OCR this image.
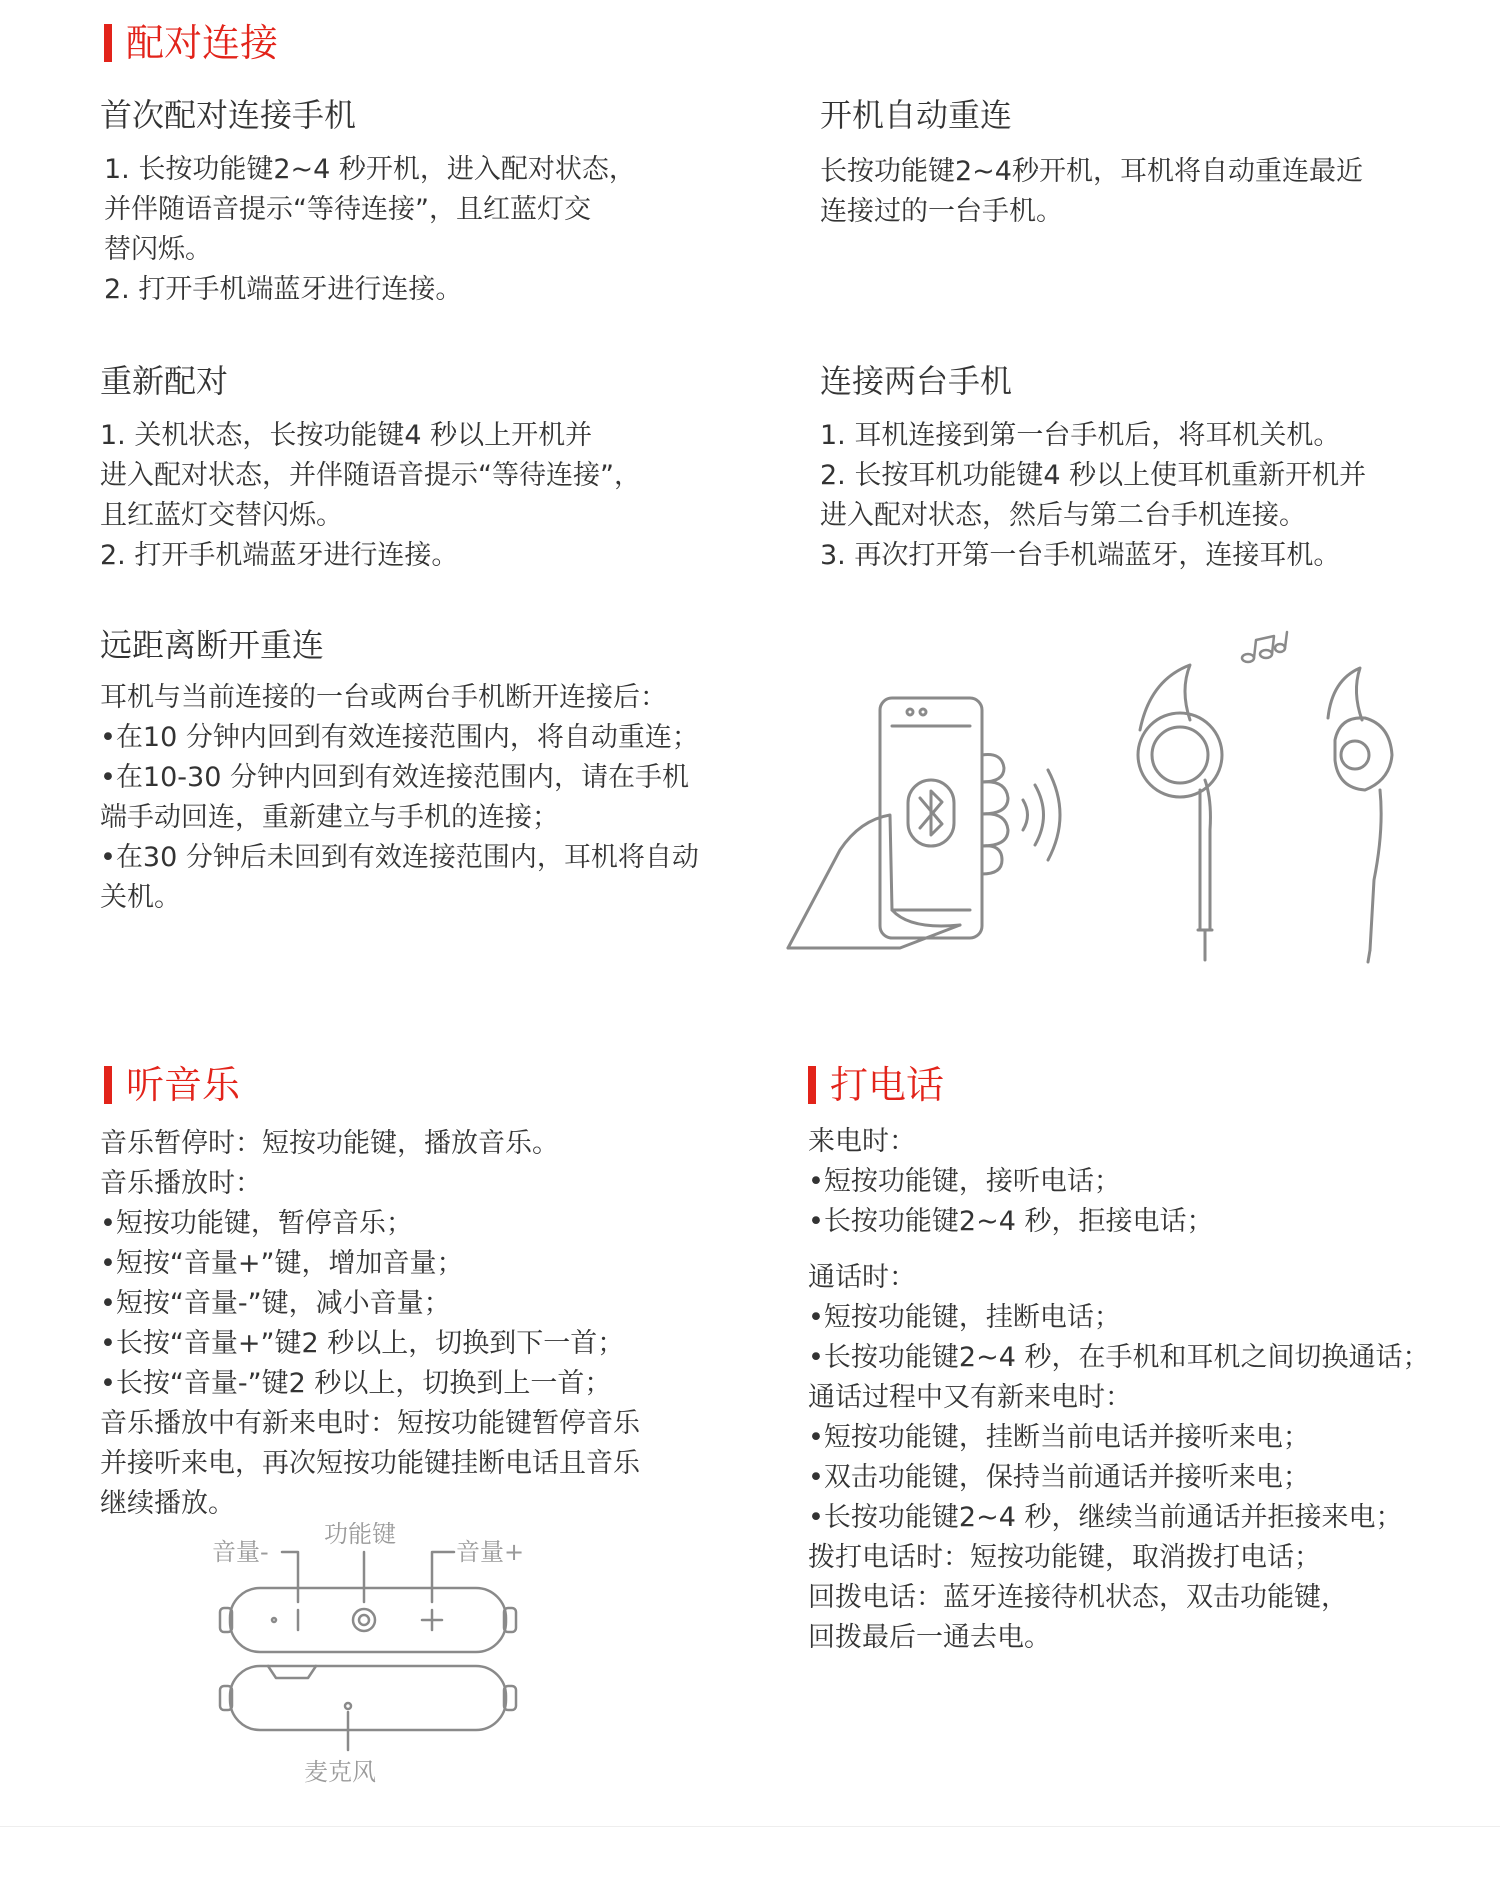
配对连接
首次配对连接手机

1. 长按功能键2~4 秒开机，进入配对状态，

并伴随语音提示“等待连接”，且红蓝灯交

替闪烁。

2. 打开手机端蓝牙进行连接。

开机自动重连

长按功能键2~4秒开机，耳机将自动重连最近

连接过的一台手机。

重新配对

1. 关机状态，长按功能键4 秒以上开机并

进入配对状态，并伴随语音提示“等待连接”，

且红蓝灯交替闪烁。

2. 打开手机端蓝牙进行连接。

连接两台手机

1. 耳机连接到第一台手机后，将耳机关机。

2. 长按耳机功能键4 秒以上使耳机重新开机并

进入配对状态，然后与第二台手机连接。

3. 再次打开第一台手机端蓝牙，连接耳机。

远距离断开重连

耳机与当前连接的一台或两台手机断开连接后：

•在10 分钟内回到有效连接范围内，将自动重连；

•在10-30 分钟内回到有效连接范围内，请在手机

端手动回连，重新建立与手机的连接；

•在30 分钟后未回到有效连接范围内，耳机将自动

关机。

听音乐

音乐暂停时：短按功能键，播放音乐。

音乐播放时：

•短按功能键，暂停音乐；

•短按“音量+”键，增加音量；

•短按“音量-”键，减小音量；

•长按“音量+”键2 秒以上，切换到下一首；

•长按“音量-”键2 秒以上，切换到上一首；

音乐播放中有新来电时：短按功能键暂停音乐

并接听来电，再次短按功能键挂断电话且音乐

继续播放。

音量-
功能键
音量+
麦克风
打电话

来电时：

•短按功能键，接听电话；

•长按功能键2~4 秒，拒接电话；

通话时：

•短按功能键，挂断电话；

•长按功能键2~4 秒，在手机和耳机之间切换通话；

通话过程中又有新来电时：

•短按功能键，挂断当前电话并接听来电；

•双击功能键，保持当前通话并接听来电；

•长按功能键2~4 秒，继续当前通话并拒接来电；

拨打电话时：短按功能键，取消拨打电话；

回拨电话：蓝牙连接待机状态，双击功能键，

回拨最后一通去电。
